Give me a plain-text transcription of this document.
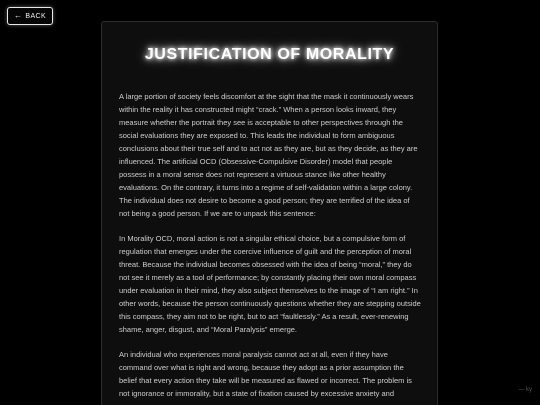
← BACK
JUSTIFICATION OF MORALITY

A large portion of society feels discomfort at the sight that the mask it continuously wears within the reality it has constructed might “crack.” When a person looks inward, they measure whether the portrait they see is acceptable to other perspectives through the social evaluations they are exposed to. This leads the individual to form ambiguous conclusions about their true self and to act not as they are, but as they decide, as they are influenced. The artificial OCD (Obsessive-Compulsive Disorder) model that people possess in a moral sense does not represent a virtuous stance like other healthy evaluations. On the contrary, it turns into a regime of self-validation within a large colony. The individual does not desire to become a good person; they are terrified of the idea of not being a good person. If we are to unpack this sentence:

In Morality OCD, moral action is not a singular ethical choice, but a compulsive form of regulation that emerges under the coercive influence of guilt and the perception of moral threat. Because the individual becomes obsessed with the idea of being “moral,” they do not see it merely as a tool of performance; by constantly placing their own moral compass under evaluation in their mind, they also subject themselves to the image of “I am right.” In other words, because the person continuously questions whether they are stepping outside this compass, they aim not to be right, but to act “faultlessly.” As a result, ever-renewing shame, anger, disgust, and “Moral Paralysis” emerge.

An individual who experiences moral paralysis cannot act at all, even if they have command over what is right and wrong, because they adopt as a prior assumption the belief that every action they take will be measured as flawed or incorrect. The problem is not ignorance or immorality, but a state of fixation caused by excessive anxiety and	— ky
